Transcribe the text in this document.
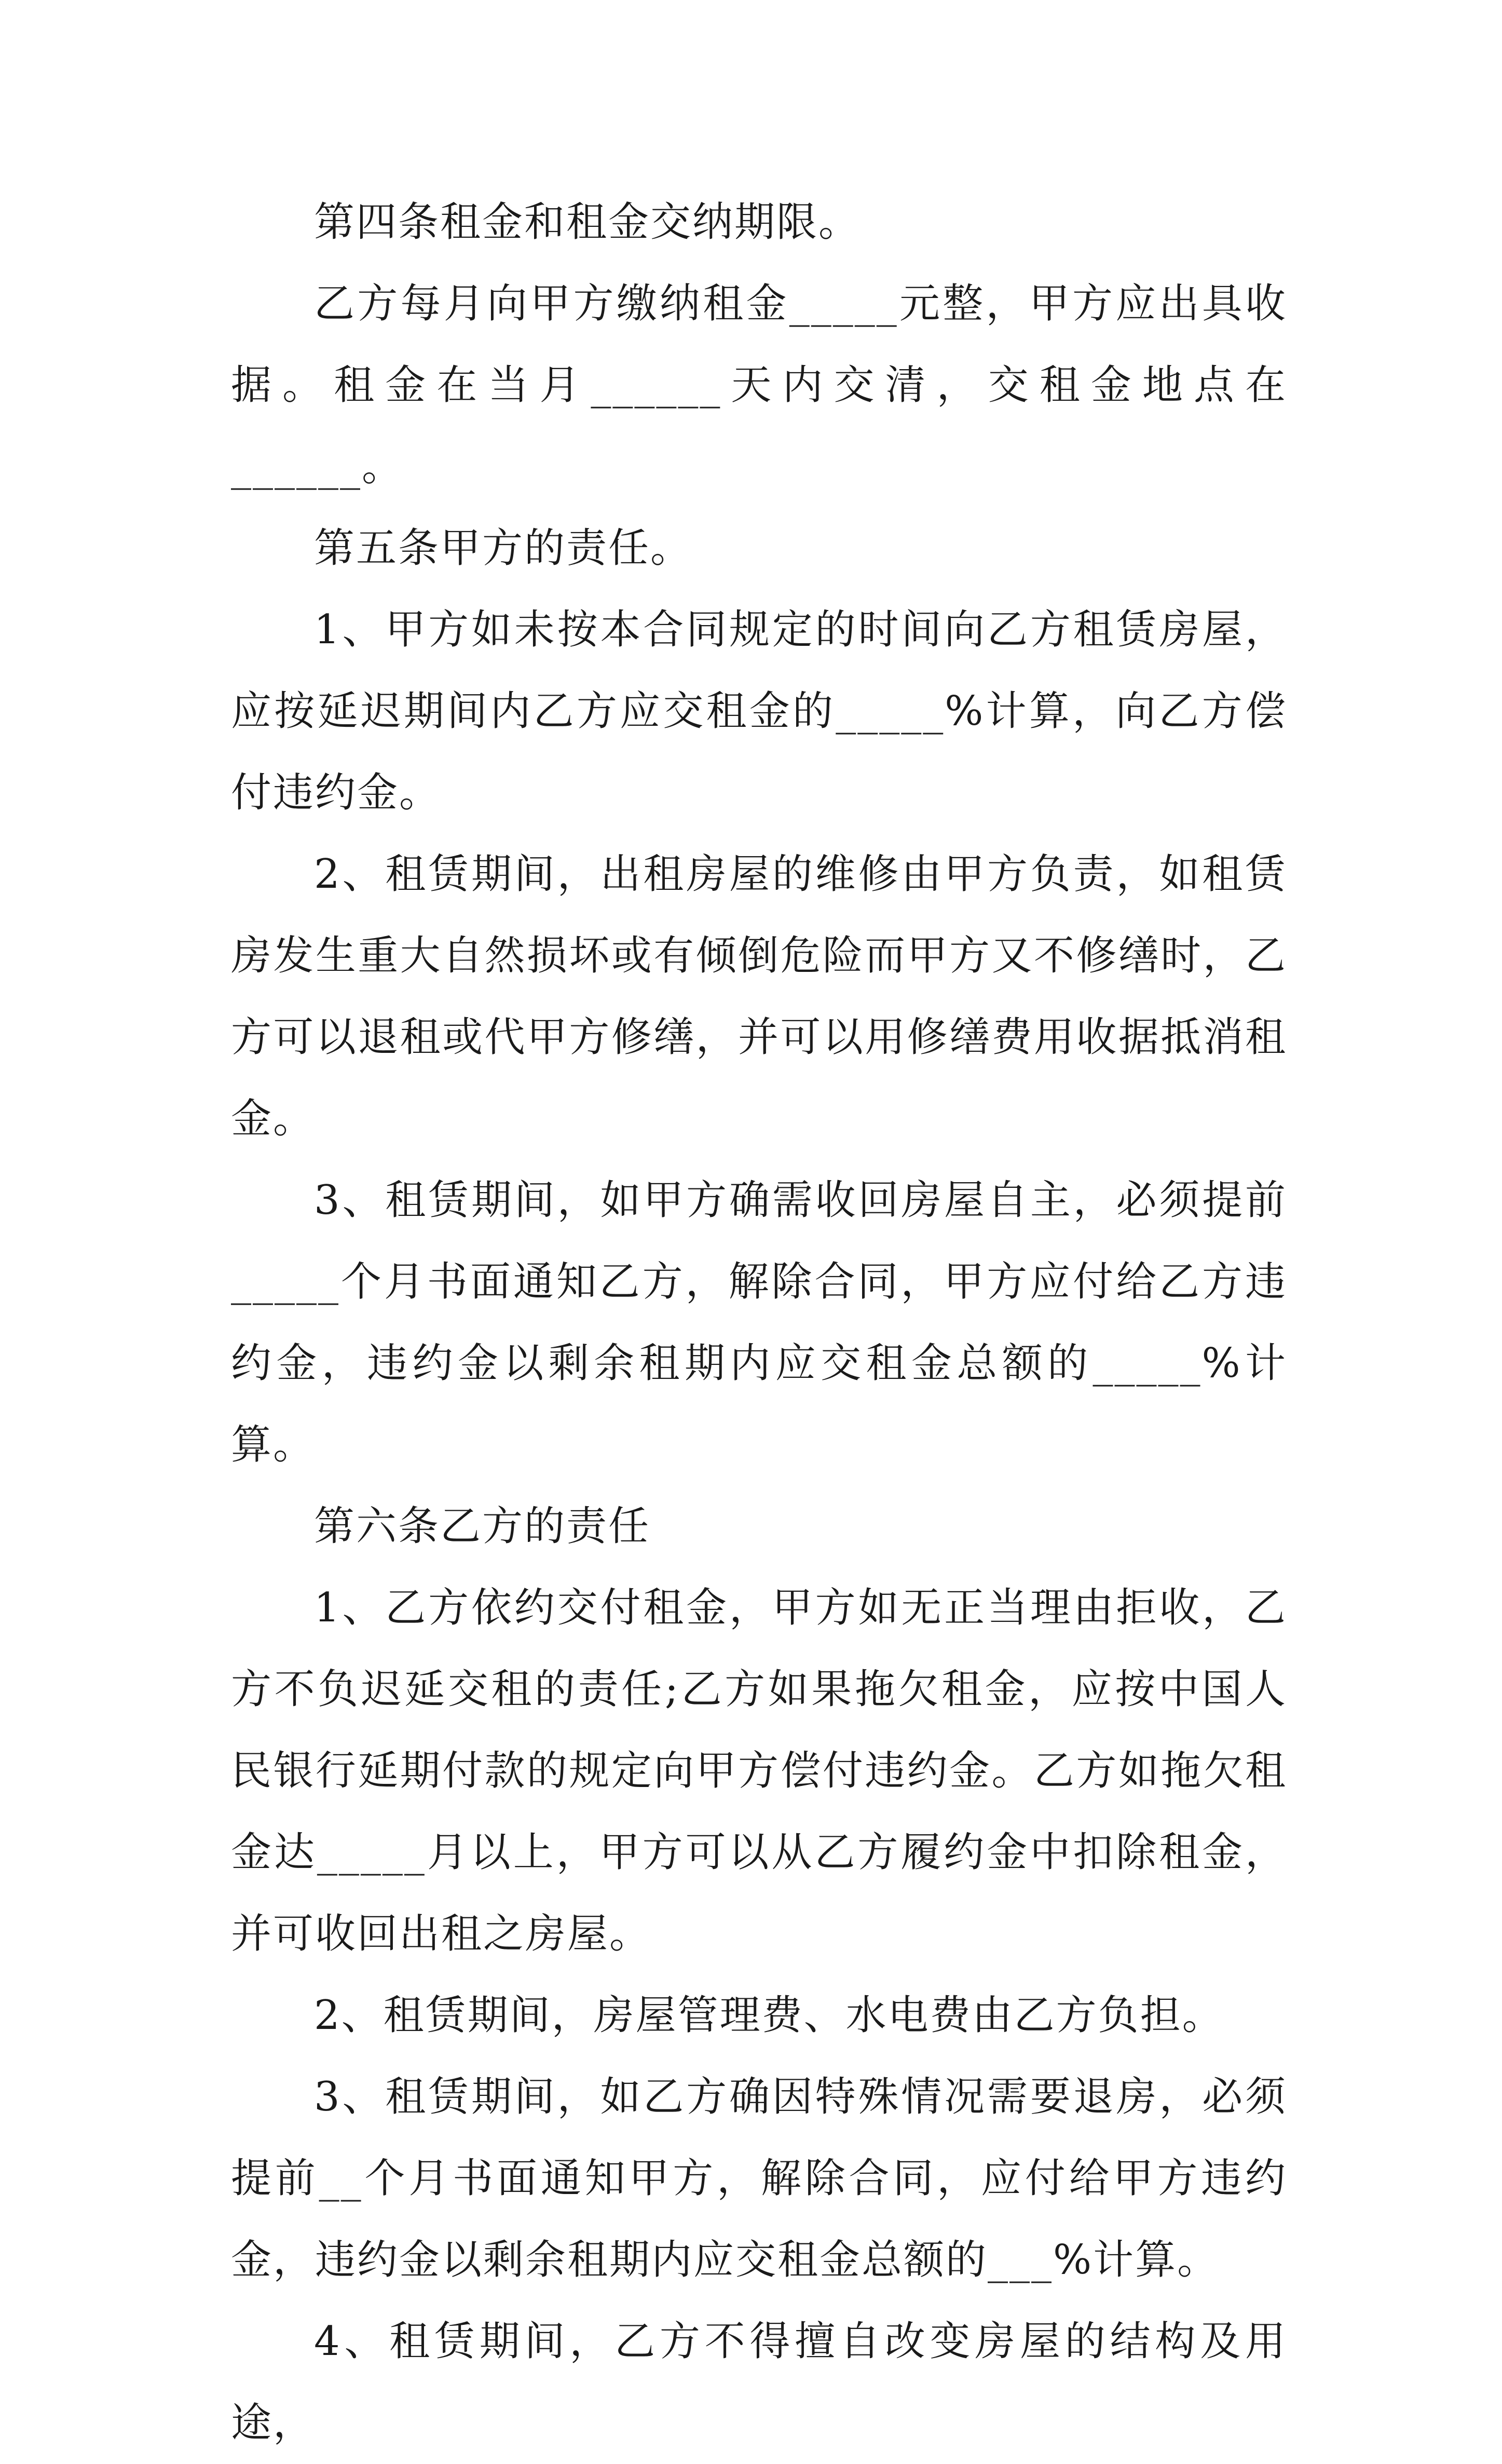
第四条租金和租金交纳期限。

乙方每月向甲方缴纳租金_____元整，甲方应出具收据。租金在当月______天内交清，交租金地点在______。

第五条甲方的责任。

1、甲方如未按本合同规定的时间向乙方租赁房屋，应按延迟期间内乙方应交租金的_____%计算，向乙方偿付违约金。

2、租赁期间，出租房屋的维修由甲方负责，如租赁房发生重大自然损坏或有倾倒危险而甲方又不修缮时，乙方可以退租或代甲方修缮，并可以用修缮费用收据抵消租金。

3、租赁期间，如甲方确需收回房屋自主，必须提前_____个月书面通知乙方，解除合同，甲方应付给乙方违约金，违约金以剩余租期内应交租金总额的_____%计算。

第六条乙方的责任

1、乙方依约交付租金，甲方如无正当理由拒收，乙方不负迟延交租的责任;乙方如果拖欠租金，应按中国人民银行延期付款的规定向甲方偿付违约金。乙方如拖欠租金达_____月以上，甲方可以从乙方履约金中扣除租金，并可收回出租之房屋。

2、租赁期间，房屋管理费、水电费由乙方负担。

3、租赁期间，如乙方确因特殊情况需要退房，必须提前__个月书面通知甲方，解除合同，应付给甲方违约金，违约金以剩余租期内应交租金总额的___%计算。

4、租赁期间，乙方不得擅自改变房屋的结构及用途，
